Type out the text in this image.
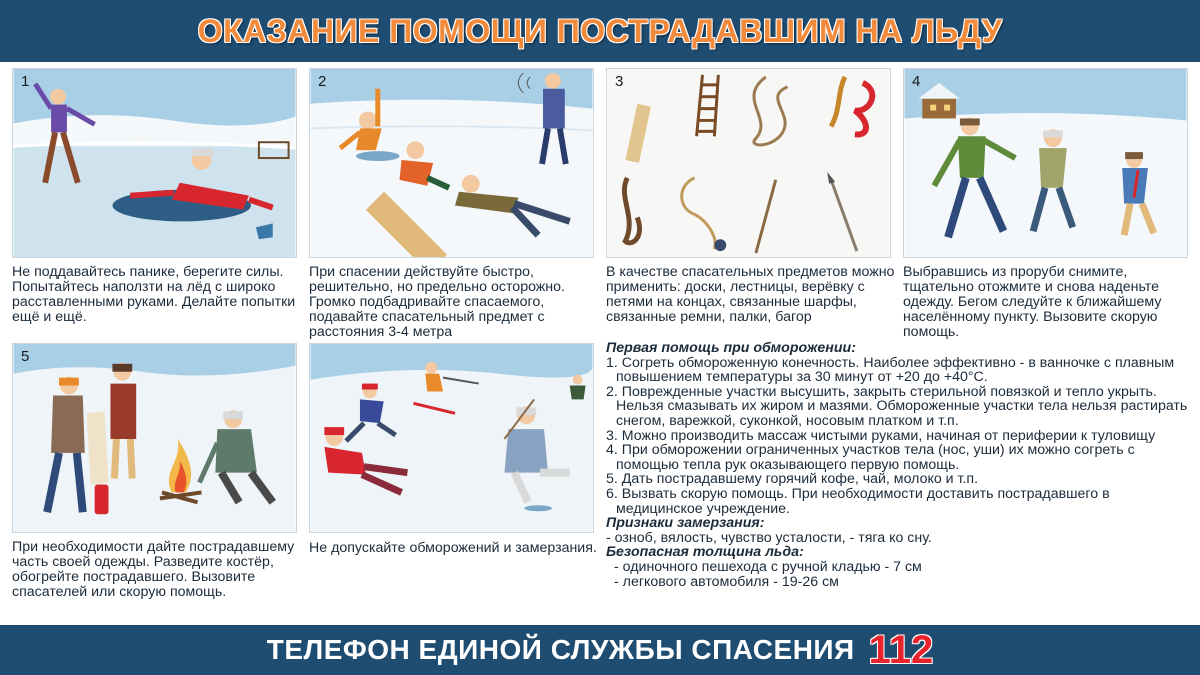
ОКАЗАНИЕ ПОМОЩИ ПОСТРАДАВШИМ НА ЛЬДУ
1
Не поддавайтесь панике, берегите силы. Попытайтесь наползти на лёд с широко расставленными руками. Делайте попытки ещё и ещё.
2
При спасении действуйте быстро, решительно, но предельно осторожно. Громко подбадривайте спасаемого, подавайте спасательный предмет с расстояния 3-4 метра
3
В качестве спасательных предметов можно применить: доски, лестницы, верёвку с петями на концах, связанные шарфы, связанные ремни, палки, багор
4
Выбравшись из проруби снимите, тщательно отожмите и снова наденьте одежду. Бегом следуйте к ближайшему населённому пункту. Вызовите скорую помощь.
5
При необходимости дайте пострадавшему часть своей одежды. Разведите костёр, обогрейте пострадавшего. Вызовите спасателей или скорую помощь.
Не допускайте обморожений и замерзания.
Первая помощь при обморожении:
1. Согреть обмороженную конечность. Наиболее эффективно - в ванночке с плавным повышением температуры за 30 минут от +20 до +40°С.
2. Поврежденные участки высушить, закрыть стерильной повязкой и тепло укрыть. Нельзя смазывать их жиром и мазями. Обмороженные участки тела нельзя растирать снегом, варежкой, суконкой, носовым платком и т.п.
3. Можно производить массаж чистыми руками, начиная от периферии к туловищу
4. При обморожении ограниченных участков тела (нос, уши) их можно согреть с помощью тепла рук оказывающего первую помощь.
5. Дать пострадавшему горячий кофе, чай, молоко и т.п.
6. Вызвать скорую помощь. При необходимости доставить пострадавшего в медицинское учреждение.
Признаки замерзания:
- озноб, вялость, чувство усталости, - тяга ко сну.
Безопасная толщина льда:
- одиночного пешехода с ручной кладью - 7 см
- легкового автомобиля - 19-26 см
ТЕЛЕФОН ЕДИНОЙ СЛУЖБЫ СПАСЕНИЯ 112
